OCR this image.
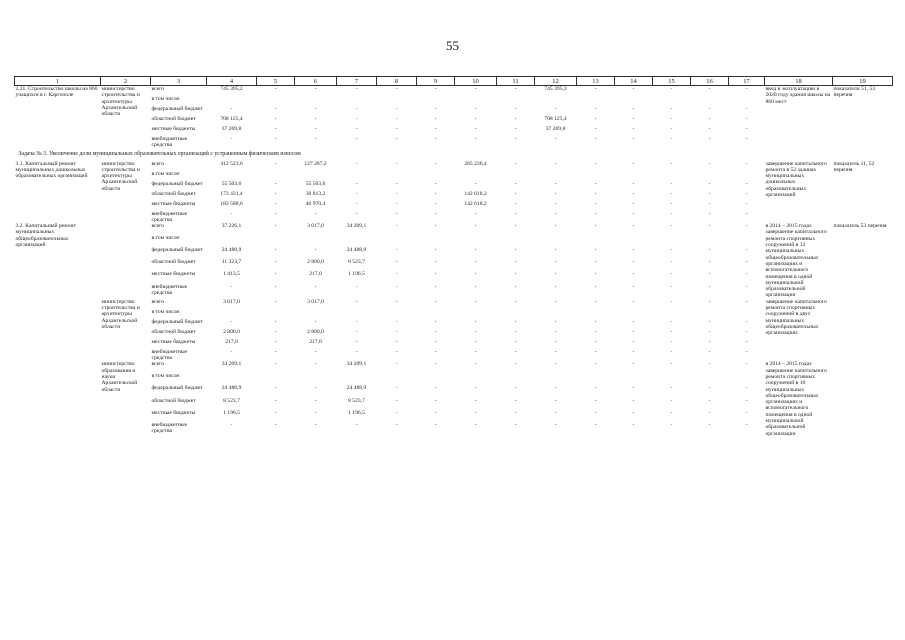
55
1	2	3	4	5	6	7	8	9	10	11	12	13	14	15	16	17	18	19
2.21. Строительство школы на 860 учащихся в г. Каргополе	министерство строительства и архитектуры Архангельской области	всего	745 395,2	-	-	-	-	-	-	-	745 395,2	-	-	-	-	-	ввод в эксплуатацию в 2020 году здания школы на 860 мест	показатели 51, 53 перечня
		в том числе:																
		федеральный бюджет	-	-	-	-	-	-	-	-	-	-	-	-	-	-		
		областной бюджет	708 125,4	-	-	-	-	-	-	-	708 125,4	-	-	-	-	-		
		местные бюджеты	37 269,8	-	-	-	-	-	-	-	37 269,8	-	-	-	-	-		
		внебюджетные средства	-	-	-	-	-	-	-	-	-	-	-	-	-	-		
Задача № 3. Увеличение доли муниципальных образовательных организаций с устраненным физическим износом																		
3.1. Капитальный ремонт муниципальных дошкольных образовательных организаций	министерство строительства и архитектуры Архангельской области	всего	412 523,6	-	127 287,2	-	-	-	285 236,4	-	-	-	-	-	-	-	завершение капитального ремонта в 52 зданиях муниципальных дошкольных образовательных организаций	показатель 11, 52 перечня
		в том числе:																
		федеральный бюджет	55 503,6	-	55 503,6	-	-	-	-	-	-	-	-	-	-	-		
		областной бюджет	173 431,4	-	30 813,2	-	-	-	142 618,2	-	-	-	-	-	-	-		
		местные бюджеты	183 588,6	-	40 970,4	-	-	-	142 618,2	-	-	-	-	-	-	-		
		внебюджетные средства	-	-	-	-	-	-	-	-	-	-	-	-	-	-		
3.2. Капитальный ремонт муниципальных общеобразовательных организаций		всего	37 226,1	-	3 017,0	34 209,1	-	-	-	-	-	-	-	-	-	-	в 2014 – 2015 годах завершение капитального ремонта спортивных сооружений в 12 муниципальных общеобразовательных организациях и вспомогательного помещения в одной муниципальной образовательной организации	показатель 53 перечня
		в том числе:																
		федеральный бюджет	24 488,9	-	-	24 488,9	-	-	-	-	-	-	-	-	-	-		
		областной бюджет	11 323,7	-	2 800,0	8 523,7	-	-	-	-	-	-	-	-	-	-		
		местные бюджеты	1 413,5	-	217,0	1 196,5	-	-	-	-	-	-	-	-	-	-		
		внебюджетные средства	-	-	-	-	-	-	-	-	-	-	-	-	-	-		
	министерство строительства и архитектуры Архангельской области	всего	3 017,0	-	3 017,0	-	-	-	-	-	-	-	-	-	-	-	завершение капитального ремонта спортивных сооружений в двух муниципальных общеобразовательных организациях	
		в том числе:																
		федеральный бюджет	-	-	-	-	-	-	-	-	-	-	-	-	-	-		
		областной бюджет	2 800,0	-	2 800,0	-	-	-	-	-	-	-	-	-	-	-		
		местные бюджеты	217,0	-	217,0	-	-	-	-	-	-	-	-	-	-	-		
		внебюджетные средства	-	-	-	-	-	-	-	-	-	-	-	-	-	-		
	министерство образования и науки Архангельской области	всего	34 209,1	-	-	34 209,1	-	-	-	-	-	-	-	-	-	-	в 2014 – 2015 годах завершение капитального ремонта спортивных сооружений в 10 муниципальных общеобразовательных организациях и вспомогательного помещения в одной муниципальной образовательной организации	
		в том числе:																
		федеральный бюджет	24 488,9	-	-	24 488,9	-	-	-	-	-	-	-	-	-	-		
		областной бюджет	8 523,7	-	-	8 523,7	-	-	-	-	-	-	-	-	-	-		
		местные бюджеты	1 196,5	-	-	1 196,5	-	-	-	-	-	-	-	-	-	-		
		внебюджетные средства	-	-	-	-	-	-	-	-	-	-	-	-	-	-		
